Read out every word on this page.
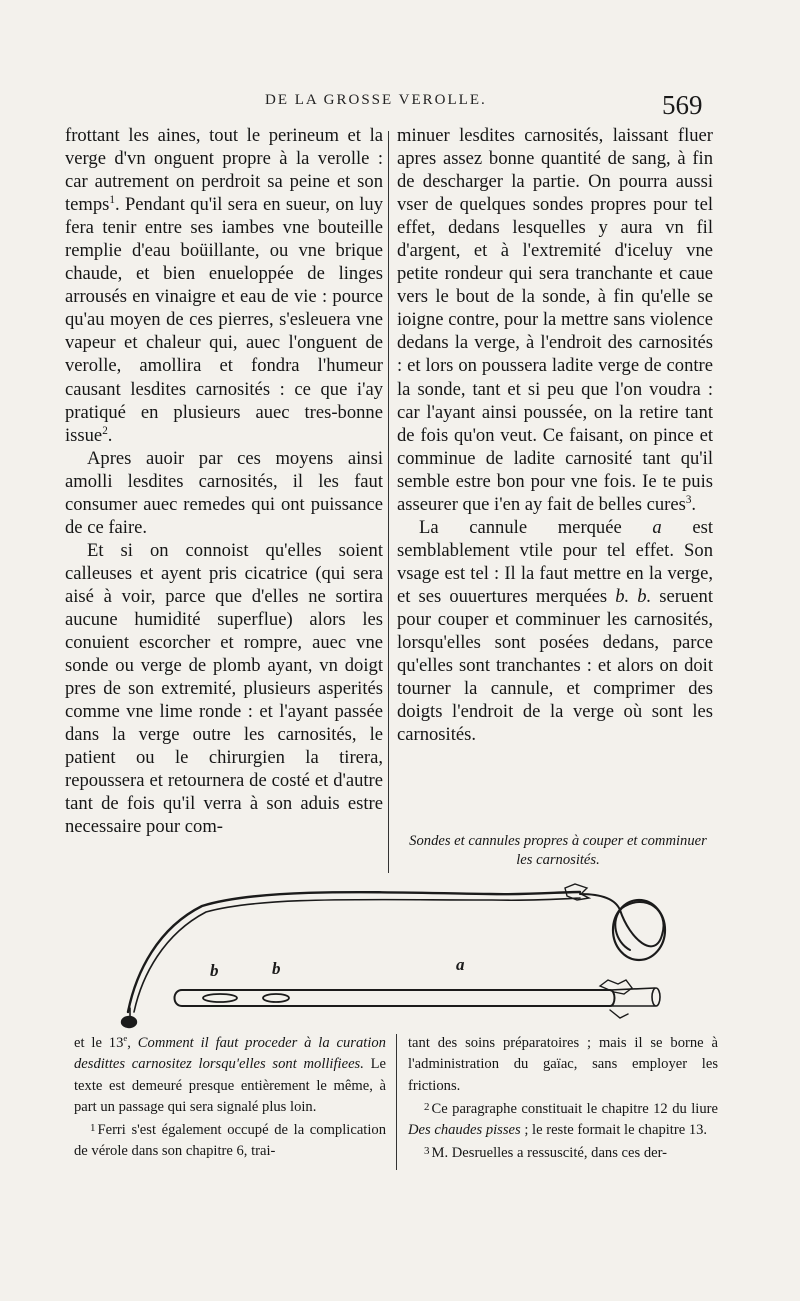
DE LA GROSSE VEROLLE.	569

frottant les aines, tout le perineum et la verge d'vn onguent propre à la verolle : car autrement on perdroit sa peine et son temps$^1$. Pendant qu'il sera en sueur, on luy fera tenir entre ses iambes vne bouteille remplie d'eau boüillante, ou vne brique chaude, et bien enueloppée de linges arrousés en vinaigre et eau de vie : pource qu'au moyen de ces pierres, s'esleuera vne vapeur et chaleur qui, auec l'onguent de verolle, amollira et fondra l'humeur causant lesdites carnosités : ce que i'ay pratiqué en plusieurs auec tres-bonne issue$^2$.

Apres auoir par ces moyens ainsi amolli lesdites carnosités, il les faut consumer auec remedes qui ont puissance de ce faire.

Et si on connoist qu'elles soient calleuses et ayent pris cicatrice (qui sera aisé à voir, parce que d'elles ne sortira aucune humidité superflue) alors les conuient escorcher et rompre, auec vne sonde ou verge de plomb ayant, vn doigt pres de son extremité, plusieurs asperités comme vne lime ronde : et l'ayant passée dans la verge outre les carnosités, le patient ou le chirurgien la tirera, repoussera et retournera de costé et d'autre tant de fois qu'il verra à son aduis estre necessaire pour com-

minuer lesdites carnosités, laissant fluer apres assez bonne quantité de sang, à fin de descharger la partie. On pourra aussi vser de quelques sondes propres pour tel effet, dedans lesquelles y aura vn fil d'argent, et à l'extremité d'iceluy vne petite rondeur qui sera tranchante et caue vers le bout de la sonde, à fin qu'elle se ioigne contre, pour la mettre sans violence dedans la verge, à l'endroit des carnosités : et lors on poussera ladite verge de contre la sonde, tant et si peu que l'on voudra : car l'ayant ainsi poussée, on la retire tant de fois qu'on veut. Ce faisant, on pince et comminue de ladite carnosité tant qu'il semble estre bon pour vne fois. Ie te puis asseurer que i'en ay fait de belles cures$^3$.

La cannule merquée a est semblablement vtile pour tel effet. Son vsage est tel : Il la faut mettre en la verge, et ses ouuertures merquées b. b. seruent pour couper et comminuer les carnosités, lorsqu'elles sont posées dedans, parce qu'elles sont tranchantes : et alors on doit tourner la cannule, et comprimer des doigts l'endroit de la verge où sont les carnosités.

Sondes et cannules propres à couper et comminuer les carnosités.
b	b	a

et le 13e, Comment il faut proceder à la curation desdittes carnositez lorsqu'elles sont mollifiees. Le texte est demeuré presque entièrement le même, à part un passage qui sera signalé plus loin.

$^1$ Ferri s'est également occupé de la complication de vérole dans son chapitre 6, trai-

tant des soins préparatoires ; mais il se borne à l'administration du gaïac, sans employer les frictions.

$^2$ Ce paragraphe constituait le chapitre 12 du liure Des chaudes pisses ; le reste formait le chapitre 13.

$^3$ M. Desruelles a ressuscité, dans ces der-
